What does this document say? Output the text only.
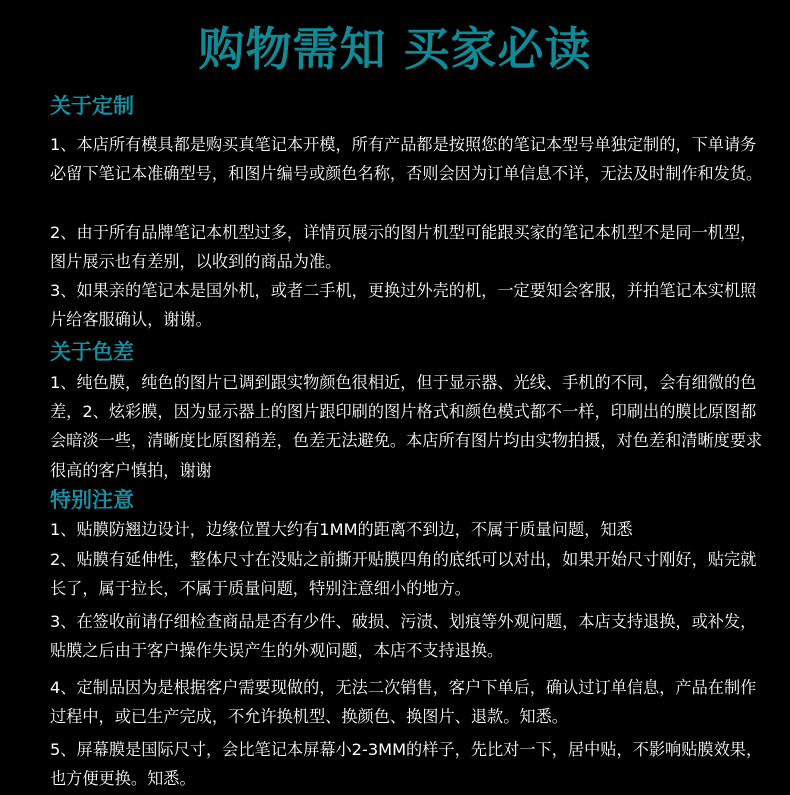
购物需知 买家必读
关于定制
1、本店所有模具都是购买真笔记本开模，所有产品都是按照您的笔记本型号单独定制的，下单请务必留下笔记本准确型号，和图片编号或颜色名称，否则会因为订单信息不详，无法及时制作和发货。
2、由于所有品牌笔记本机型过多，详情页展示的图片机型可能跟买家的笔记本机型不是同一机型，图片展示也有差别，以收到的商品为准。
3、如果亲的笔记本是国外机，或者二手机，更换过外壳的机，一定要知会客服，并拍笔记本实机照片给客服确认，谢谢。
关于色差
1、纯色膜，纯色的图片已调到跟实物颜色很相近，但于显示器、光线、手机的不同，会有细微的色差，2、炫彩膜，因为显示器上的图片跟印刷的图片格式和颜色模式都不一样，印刷出的膜比原图都会暗淡一些，清晰度比原图稍差，色差无法避免。本店所有图片均由实物拍摄，对色差和清晰度要求很高的客户慎拍，谢谢
特别注意
1、贴膜防翘边设计，边缘位置大约有1MM的距离不到边，不属于质量问题，知悉
2、贴膜有延伸性，整体尺寸在没贴之前撕开贴膜四角的底纸可以对出，如果开始尺寸刚好，贴完就长了，属于拉长，不属于质量问题，特别注意细小的地方。
3、在签收前请仔细检查商品是否有少件、破损、污渍、划痕等外观问题，本店支持退换，或补发，贴膜之后由于客户操作失误产生的外观问题，本店不支持退换。
4、定制品因为是根据客户需要现做的，无法二次销售，客户下单后，确认过订单信息，产品在制作过程中，或已生产完成，不允许换机型、换颜色、换图片、退款。知悉。
5、屏幕膜是国际尺寸，会比笔记本屏幕小2-3MM的样子，先比对一下，居中贴，不影响贴膜效果，也方便更换。知悉。
